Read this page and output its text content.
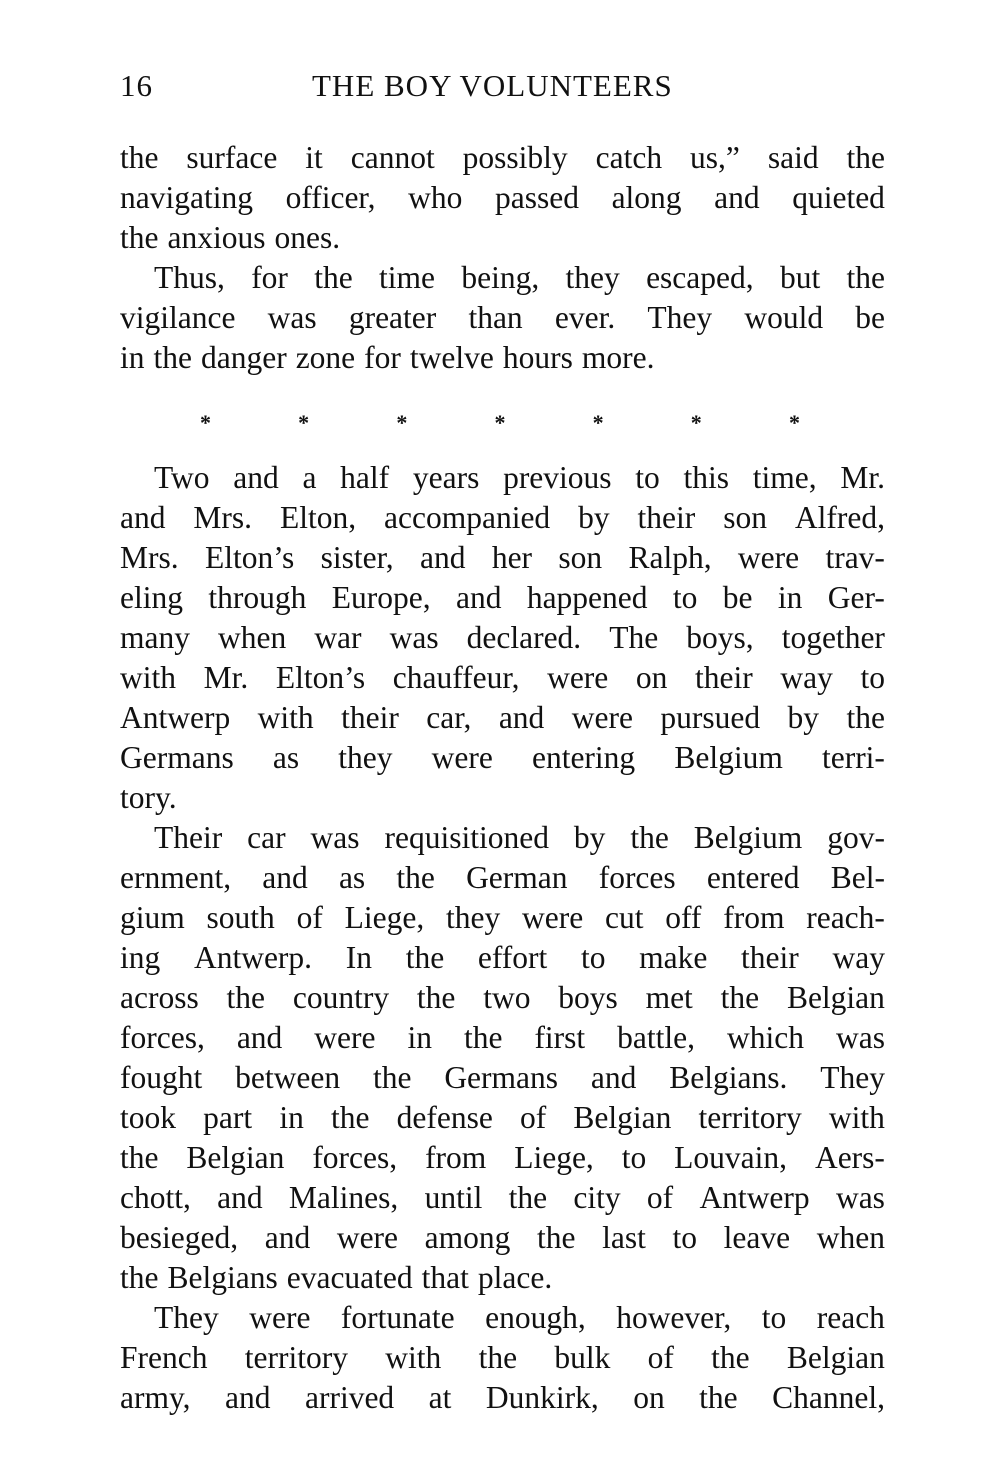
16	THE BOY VOLUNTEERS
the surface it cannot possibly catch us,” said the
navigating officer, who passed along and quieted
the anxious ones.
Thus, for the time being, they escaped, but the
vigilance was greater than ever. They would be
in the danger zone for twelve hours more.
*	*	*	*	*	*	*
Two and a half years previous to this time, Mr.
and Mrs. Elton, accompanied by their son Alfred,
Mrs. Elton’s sister, and her son Ralph, were trav-
eling through Europe, and happened to be in Ger-
many when war was declared. The boys, together
with Mr. Elton’s chauffeur, were on their way to
Antwerp with their car, and were pursued by the
Germans as they were entering Belgium terri-
tory.
Their car was requisitioned by the Belgium gov-
ernment, and as the German forces entered Bel-
gium south of Liege, they were cut off from reach-
ing Antwerp. In the effort to make their way
across the country the two boys met the Belgian
forces, and were in the first battle, which was
fought between the Germans and Belgians. They
took part in the defense of Belgian territory with
the Belgian forces, from Liege, to Louvain, Aers-
chott, and Malines, until the city of Antwerp was
besieged, and were among the last to leave when
the Belgians evacuated that place.
They were fortunate enough, however, to reach
French territory with the bulk of the Belgian
army, and arrived at Dunkirk, on the Channel,
